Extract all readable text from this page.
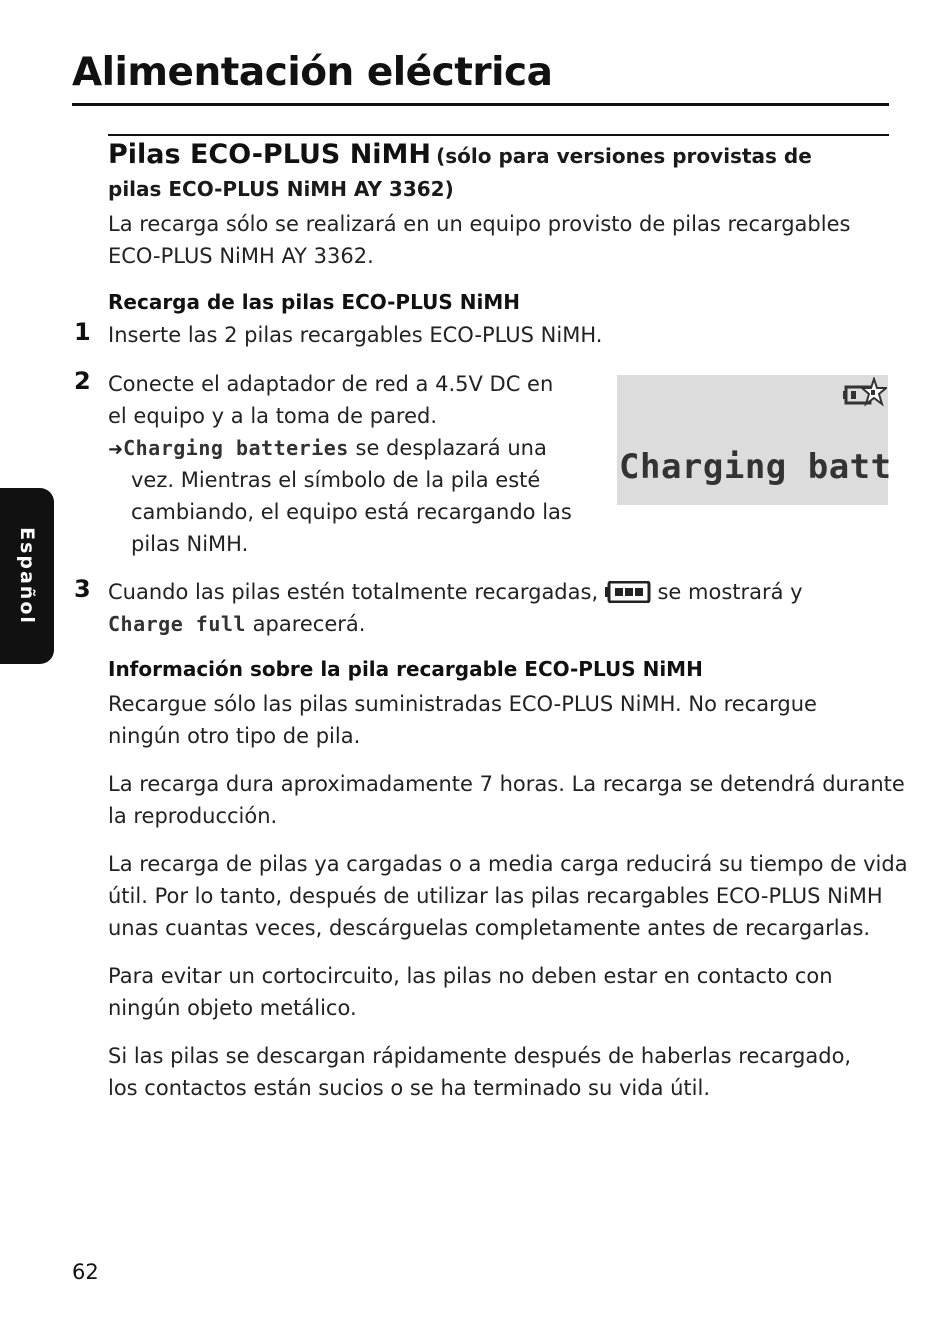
Alimentación eléctrica
Pilas ECO-PLUS NiMH (sólo para versiones provistas de
pilas ECO-PLUS NiMH AY 3362)
La recarga sólo se realizará en un equipo provisto de pilas recargables
ECO-PLUS NiMH AY 3362.
Recarga de las pilas ECO-PLUS NiMH
1 Inserte las 2 pilas recargables ECO-PLUS NiMH.
2 Conecte el adaptador de red a 4.5V DC en
el equipo y a la toma de pared.
➜Charging batteries se desplazará una
vez. Mientras el símbolo de la pila esté
cambiando, el equipo está recargando las
pilas NiMH.
Charging batt
3 Cuando las pilas estén totalmente recargadas,  se mostrará y
Charge full aparecerá.
Información sobre la pila recargable ECO-PLUS NiMH
Recargue sólo las pilas suministradas ECO-PLUS NiMH. No recargue
ningún otro tipo de pila.
La recarga dura aproximadamente 7 horas. La recarga se detendrá durante
la reproducción.
La recarga de pilas ya cargadas o a media carga reducirá su tiempo de vida
útil. Por lo tanto, después de utilizar las pilas recargables ECO-PLUS NiMH
unas cuantas veces, descárguelas completamente antes de recargarlas.
Para evitar un cortocircuito, las pilas no deben estar en contacto con
ningún objeto metálico.
Si las pilas se descargan rápidamente después de haberlas recargado,
los contactos están sucios o se ha terminado su vida útil.
Español
62
